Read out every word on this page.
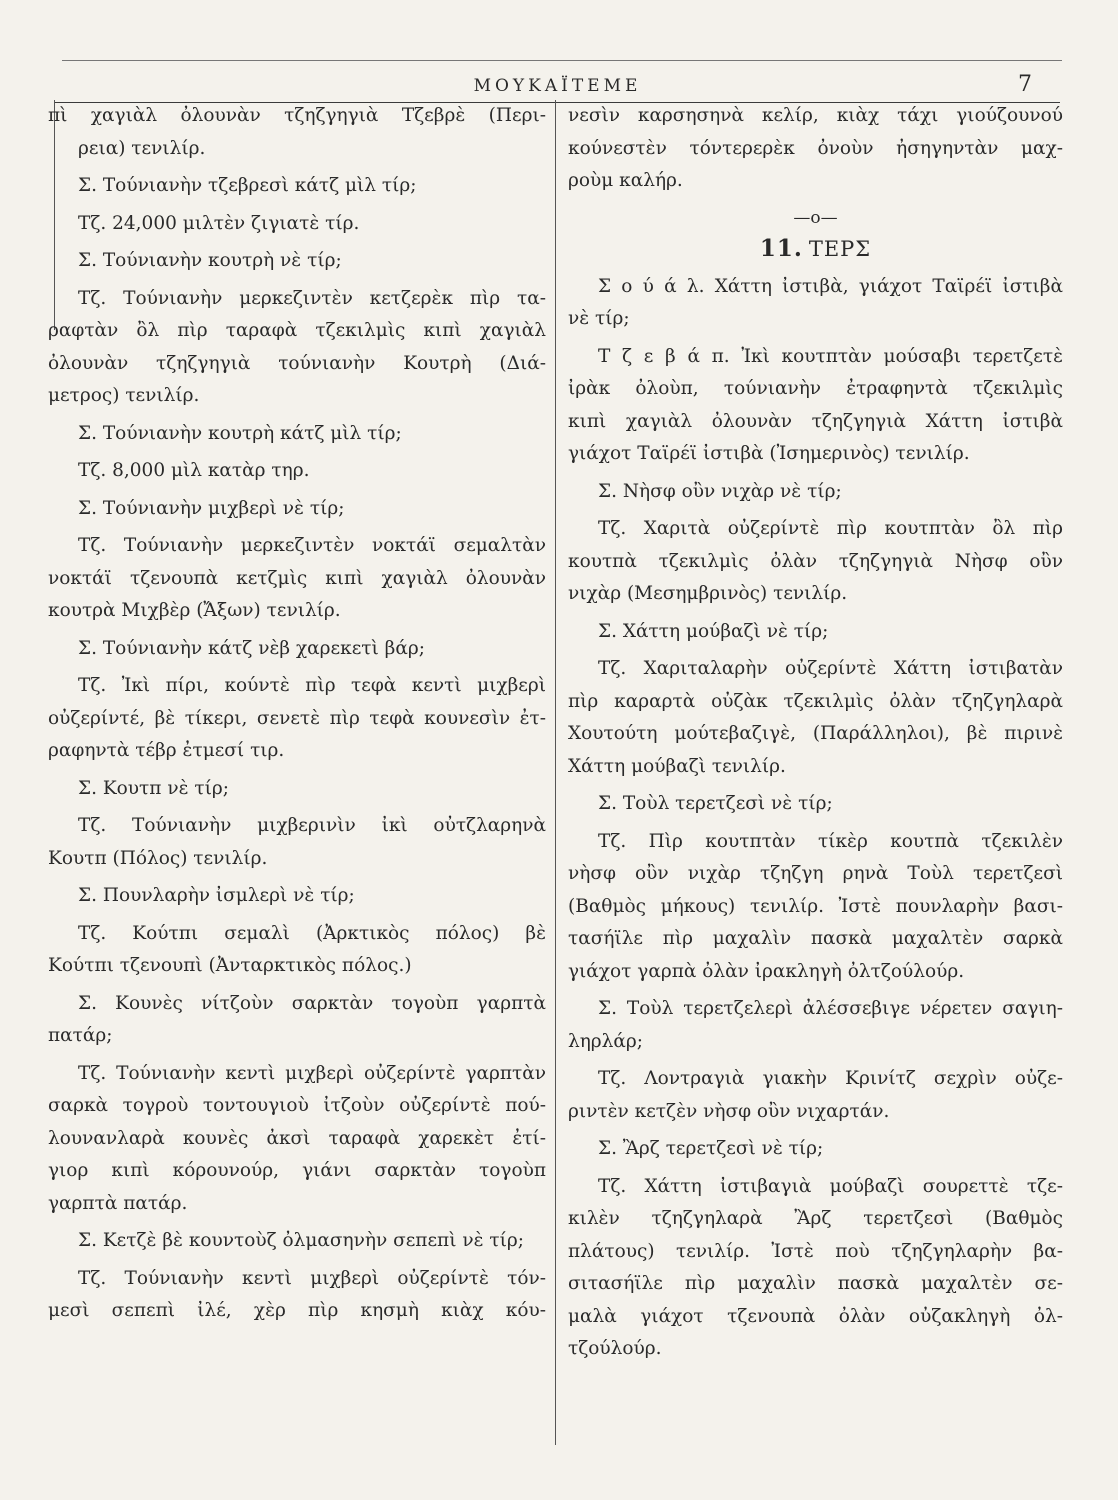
ΜΟΥΚΑΪΤΕΜΕ	7
πὶ χαγιὰλ ὀλουνὰν τζηζγηγιὰ Τζεβρὲ (Περι-
ρεια) τενιλίρ.
Σ. Τούνιανὴν τζεβρεσὶ κάτζ μὶλ τίρ;
Τζ. 24,000 μιλτὲν ζιγιατὲ τίρ.
Σ. Τούνιανὴν κουτρὴ νὲ τίρ;
Τζ. Τούνιανὴν μερκεζιντὲν κετζερὲκ πὶρ τα-
ραφτὰν ὂλ πὶρ ταραφὰ τζεκιλμὶς κιπὶ χαγιὰλ
ὀλουνὰν τζηζγηγιὰ τούνιανὴν Κουτρὴ (Διά-
μετρος) τενιλίρ.
Σ. Τούνιανὴν κουτρὴ κάτζ μὶλ τίρ;
Τζ. 8,000 μὶλ κατὰρ τηρ.
Σ. Τούνιανὴν μιχβερὶ νὲ τίρ;
Τζ. Τούνιανὴν μερκεζιντὲν νοκτάϊ σεμαλτὰν
νοκτάϊ τζενουπὰ κετζμὶς κιπὶ χαγιὰλ ὀλουνὰν
κουτρὰ Μιχβὲρ (Ἄξων) τενιλίρ.
Σ. Τούνιανὴν κάτζ νὲβ χαρεκετὶ βάρ;
Τζ. Ἰκὶ πίρι, κούντὲ πὶρ τεφὰ κεντὶ μιχβερὶ
οὐζερίντέ, βὲ τίκερι, σενετὲ πὶρ τεφὰ κουνεσὶν ἐτ-
ραφηντὰ τέβρ ἐτμεσί τιρ.
Σ. Κουτπ νὲ τίρ;
Τζ. Τούνιανὴν μιχβερινὶν ἰκὶ οὐτζλαρηνὰ
Κουτπ (Πόλος) τενιλίρ.
Σ. Πουνλαρὴν ἰσμλερὶ νὲ τίρ;
Τζ. Κούτπι σεμαλὶ (Ἀρκτικὸς πόλος) βὲ
Κούτπι τζενουπὶ (Ἀνταρκτικὸς πόλος.)
Σ. Κουνὲς νίτζοὺν σαρκτὰν τογοὺπ γαρπτὰ
πατάρ;
Τζ. Τούνιανὴν κεντὶ μιχβερὶ οὐζερίντὲ γαρπτὰν
σαρκὰ τογροὺ τοντουγιοὺ ἰτζοὺν οὐζερίντὲ πού-
λουνανλαρὰ κουνὲς ἀκσὶ ταραφὰ χαρεκὲτ ἐτί-
γιορ κιπὶ κόρουνούρ, γιάνι σαρκτὰν τογοὺπ
γαρπτὰ πατάρ.
Σ. Κετζὲ βὲ κουντοὺζ ὀλμασηνὴν σεπεπὶ νὲ τίρ;
Τζ. Τούνιανὴν κεντὶ μιχβερὶ οὐζερίντὲ τόν-
μεσὶ σεπεπὶ ἰλέ, χὲρ πὶρ κησμὴ κιὰχ κόυ-
νεσὶν καρσησηνὰ κελίρ, κιὰχ τάχι γιούζουνού
κούνεστὲν τόντερερὲκ ὀνοὺν ἠσηγηντὰν μαχ-
ροὺμ καλήρ.
—o—
11. ΤΕΡΣ
Σ ο ύ ά λ. Χάττη ἰστιβὰ, γιάχοτ Ταϊρέϊ ἰστιβὰ
νὲ τίρ;
Τ ζ ε β ά π. Ἰκὶ κουτπτὰν μούσαβι τερετζετὲ
ἰρὰκ ὀλοὺπ, τούνιανὴν ἐτραφηντὰ τζεκιλμὶς
κιπὶ χαγιὰλ ὀλουνὰν τζηζγηγιὰ Χάττη ἰστιβὰ
γιάχοτ Ταϊρέϊ ἰστιβὰ (Ἰσημερινὸς) τενιλίρ.
Σ. Νὴσφ οὒν νιχὰρ νὲ τίρ;
Τζ. Χαριτὰ οὐζερίντὲ πὶρ κουτπτὰν ὂλ πὶρ
κουτπὰ τζεκιλμὶς ὀλὰν τζηζγηγιὰ Νὴσφ οὒν
νιχὰρ (Μεσημβρινὸς) τενιλίρ.
Σ. Χάττη μούβαζὶ νὲ τίρ;
Τζ. Χαριταλαρὴν οὐζερίντὲ Χάττη ἰστιβατὰν
πὶρ καραρτὰ οὐζὰκ τζεκιλμὶς ὀλὰν τζηζγηλαρὰ
Χουτούτη μούτεβαζιγὲ, (Παράλληλοι), βὲ πιρινὲ
Χάττη μούβαζὶ τενιλίρ.
Σ. Τοὺλ τερετζεσὶ νὲ τίρ;
Τζ. Πὶρ κουτπτὰν τίκὲρ κουτπὰ τζεκιλὲν
νὴσφ οὒν νιχὰρ τζηζγη ρηνὰ Τοὺλ τερετζεσὶ
(Βαθμὸς μήκους) τενιλίρ. Ἰστὲ πουνλαρὴν βασι-
τασήϊλε πὶρ μαχαλὶν πασκὰ μαχαλτὲν σαρκὰ
γιάχοτ γαρπὰ ὀλὰν ἰρακληγὴ ὀλτζούλούρ.
Σ. Τοὺλ τερετζελερὶ ἀλέσσεβιγε νέρετεν σαγιη-
ληρλάρ;
Τζ. Λοντραγιὰ γιακὴν Κρινίτζ σεχρὶν οὐζε-
ριντὲν κετζὲν νὴσφ οὒν νιχαρτάν.
Σ. Ἂρζ τερετζεσὶ νὲ τίρ;
Τζ. Χάττη ἰστιβαγιὰ μούβαζὶ σουρεττὲ τζε-
κιλὲν τζηζγηλαρὰ Ἂρζ τερετζεσὶ (Βαθμὸς
πλάτους) τενιλίρ. Ἰστὲ ποὺ τζηζγηλαρὴν βα-
σιτασήϊλε πὶρ μαχαλὶν πασκὰ μαχαλτὲν σε-
μαλὰ γιάχοτ τζενουπὰ ὀλὰν οὐζακληγὴ ὀλ-
τζούλούρ.
